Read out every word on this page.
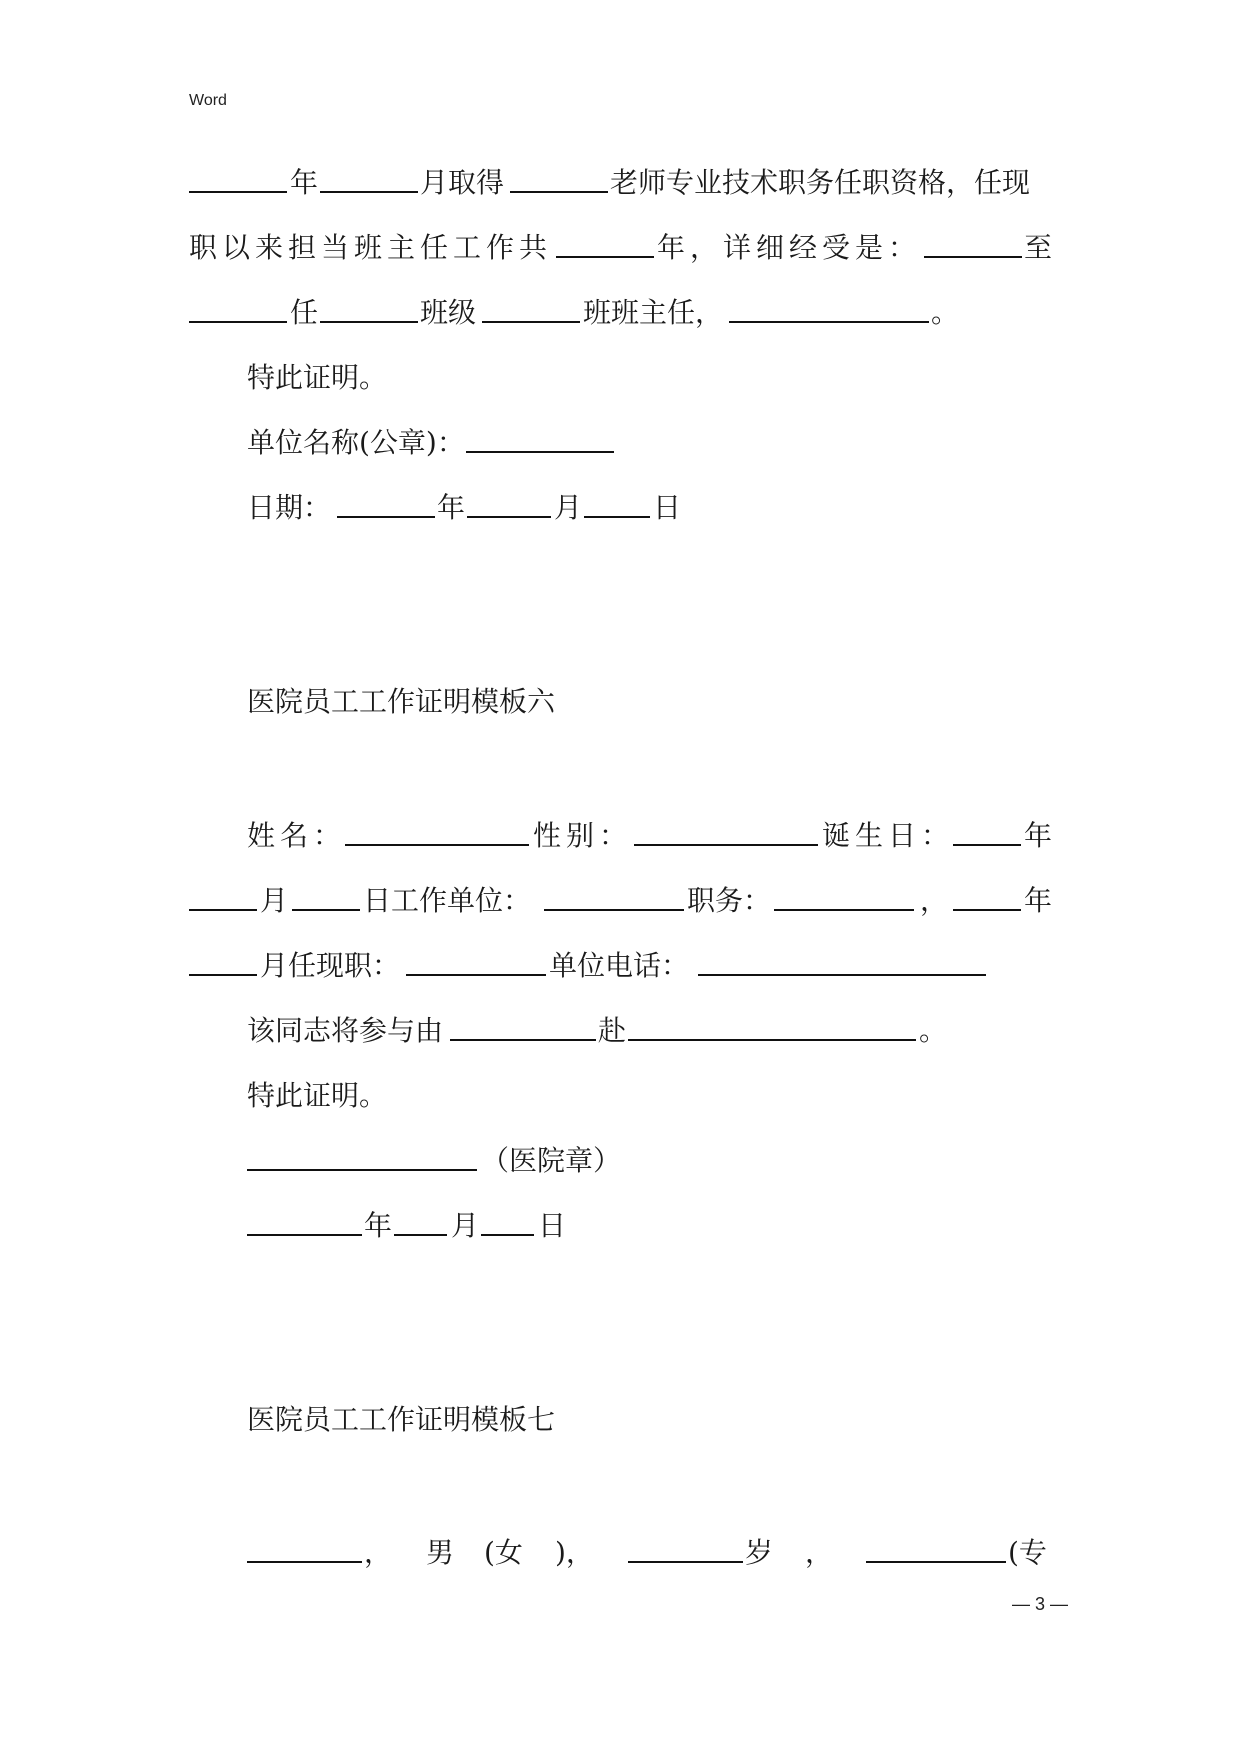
Word
年	月取得	老师专业技术职务任职资格，任现
职以来担当班主任工作共	年，详细经受是：	至
任	班级	班班主任，	。
特此证明。
单位名称(公章)：
日期：	年	月	日
医院员工工作证明模板六
姓名：	性别：	诞生日： 年
月	日工作单位：	职务：	，	年
月任现职：	单位电话：
该同志将参与由	赴	。
特此证明。
（医院章）
年 月 日
医院员工工作证明模板七
， 男 (女 )，	岁 ，	(专
— 3 —
